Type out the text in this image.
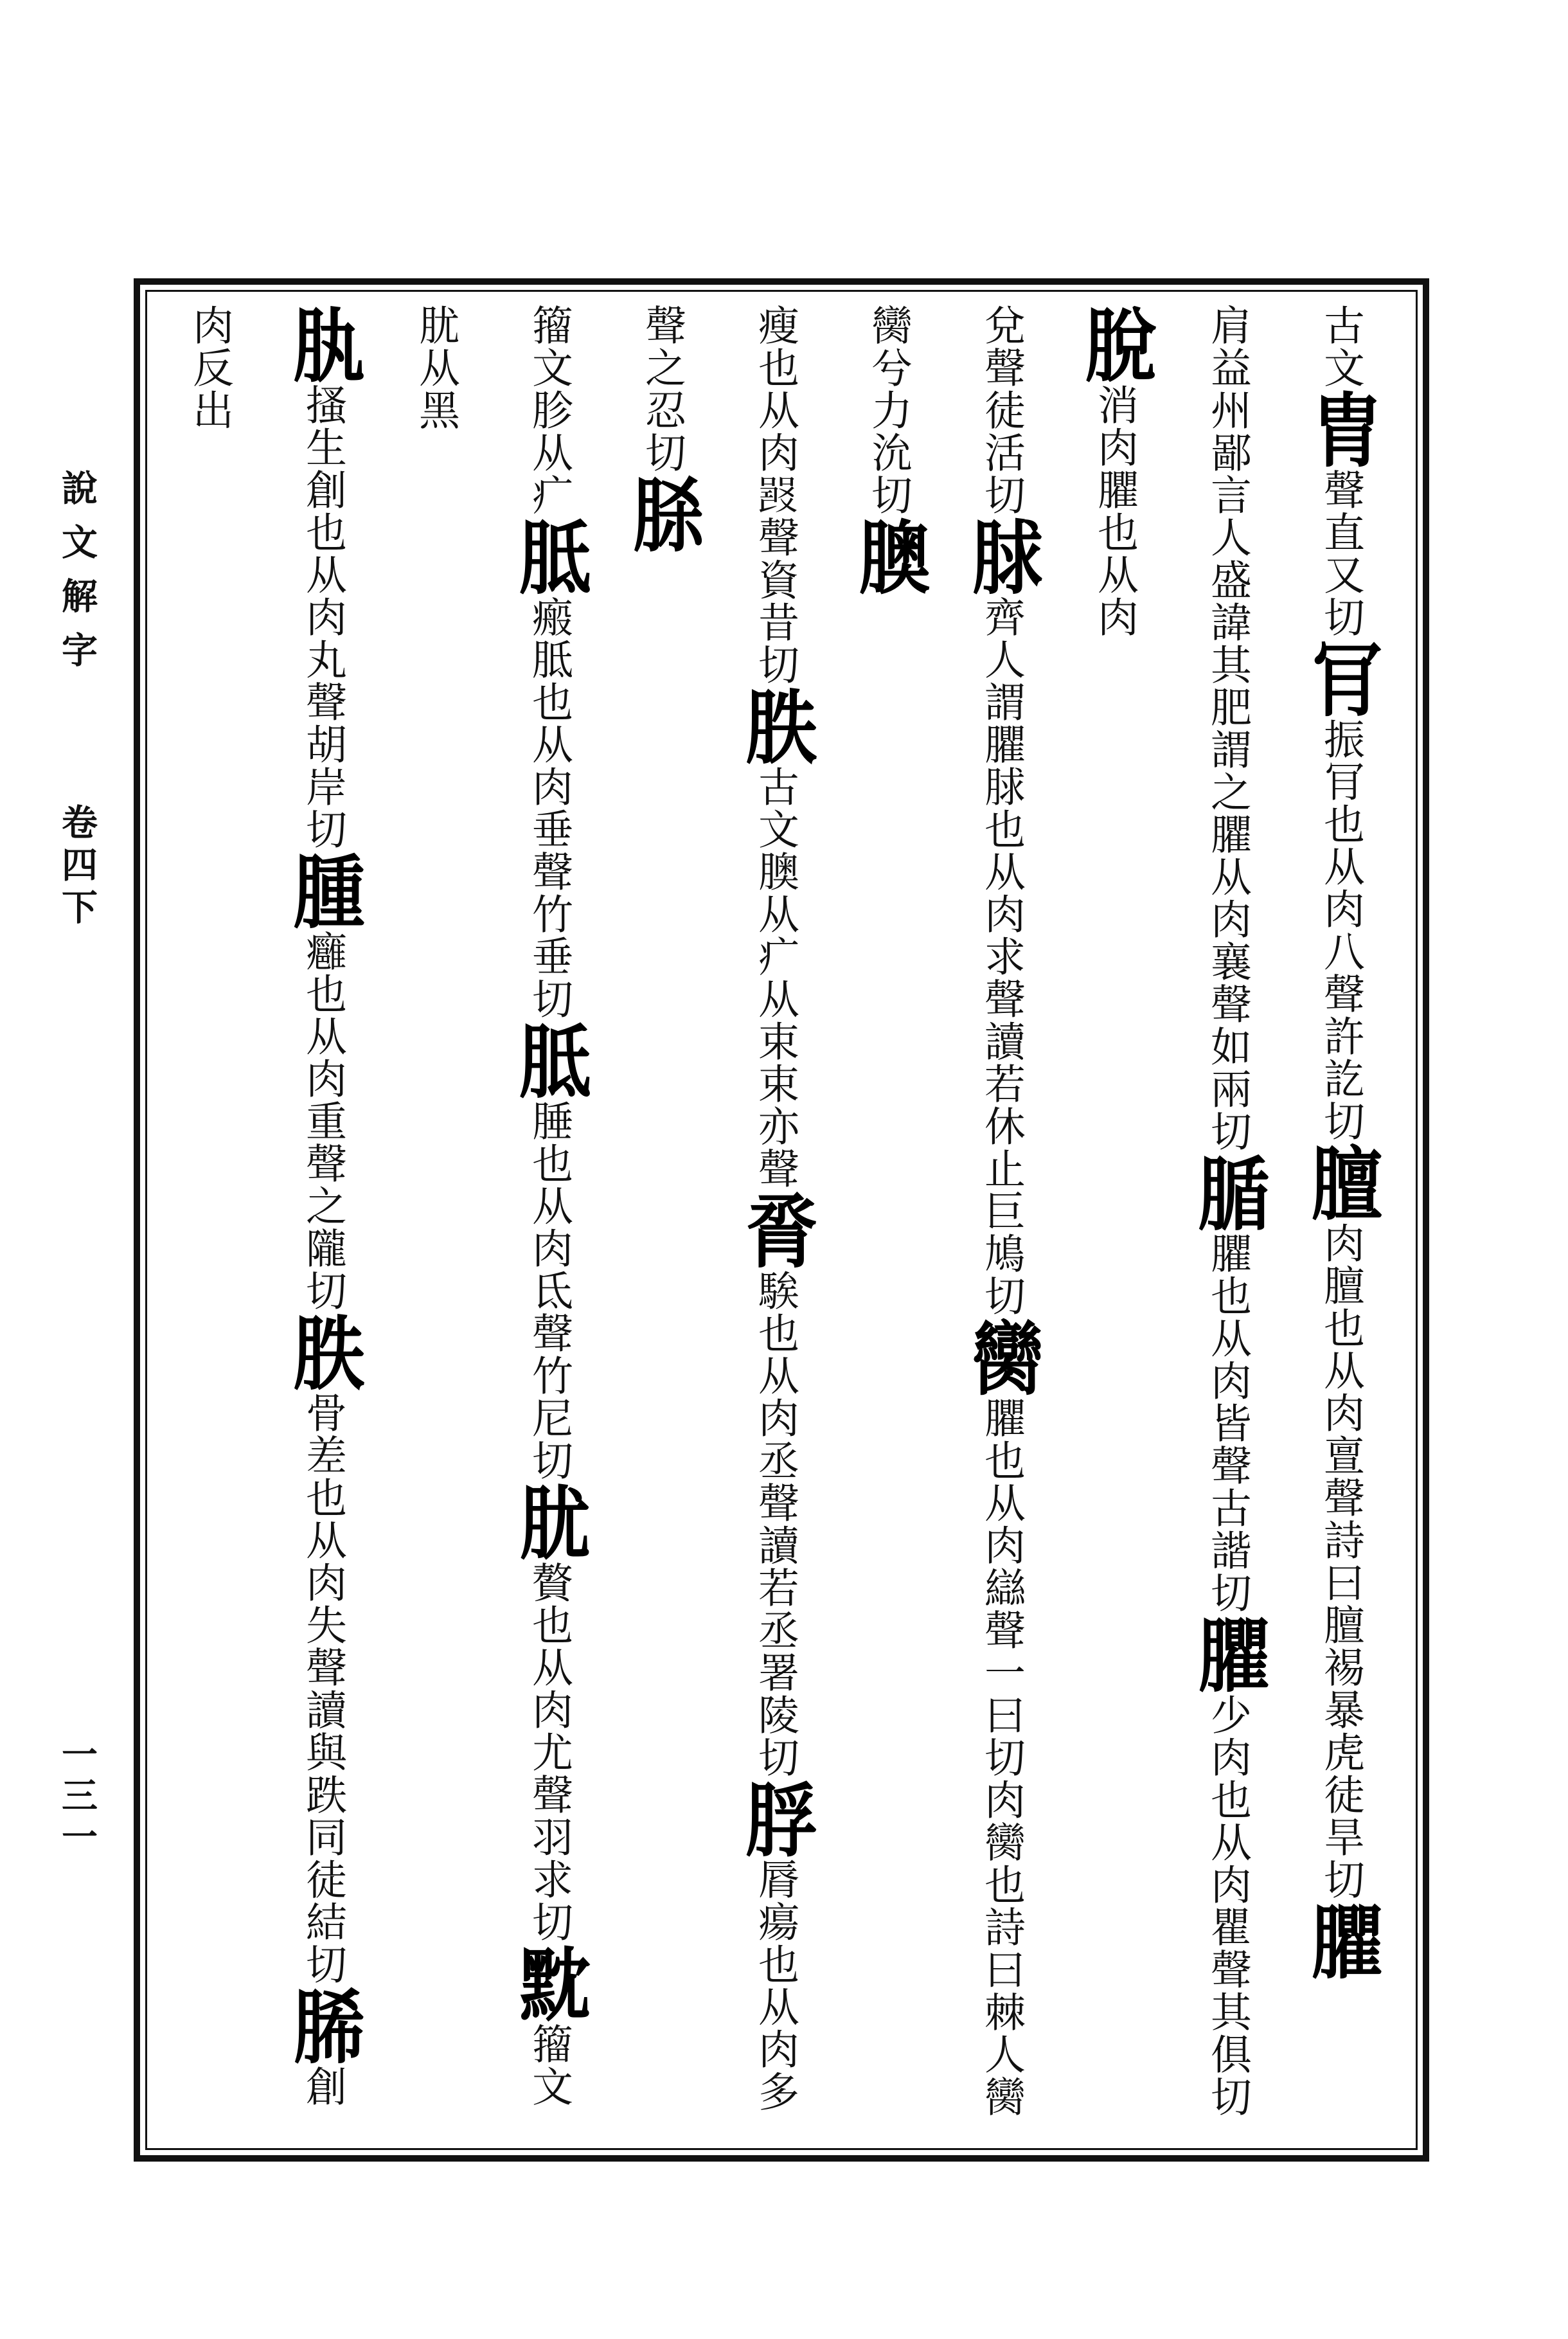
說文解字
卷四下
一三一
古文胄聲直又切肎振肎也从肉八聲許訖切膻肉膻也从肉亶聲詩曰膻裼暴虎徒旱切臞
肩益州鄙言人盛諱其肥謂之臞从肉襄聲如兩切腯臞也从肉皆聲古諧切臞少肉也从肉瞿聲其俱切脫消肉臞也从肉
兌聲徒活切脙齊人謂臞脙也从肉求聲讀若休止巨鳩切臠臞也从肉䜌聲一曰切肉臠也詩曰棘人臠臠兮力沇切䐿
瘦也从肉𤕦聲資昔切胅古文䐿从疒从束束亦聲脀騃也从肉丞聲讀若丞署陵切脬脣瘍也从肉多聲之忍切脎
籀文胗从疒胝瘢胝也从肉垂聲竹垂切胝腄也从肉氐聲竹尼切肬贅也从肉尤聲羽求切黕籀文肬从黑
肒搔生創也从肉丸聲胡岸切腫癰也从肉重聲之隴切胅骨差也从肉失聲讀與跌同徒結切脪創肉反出
